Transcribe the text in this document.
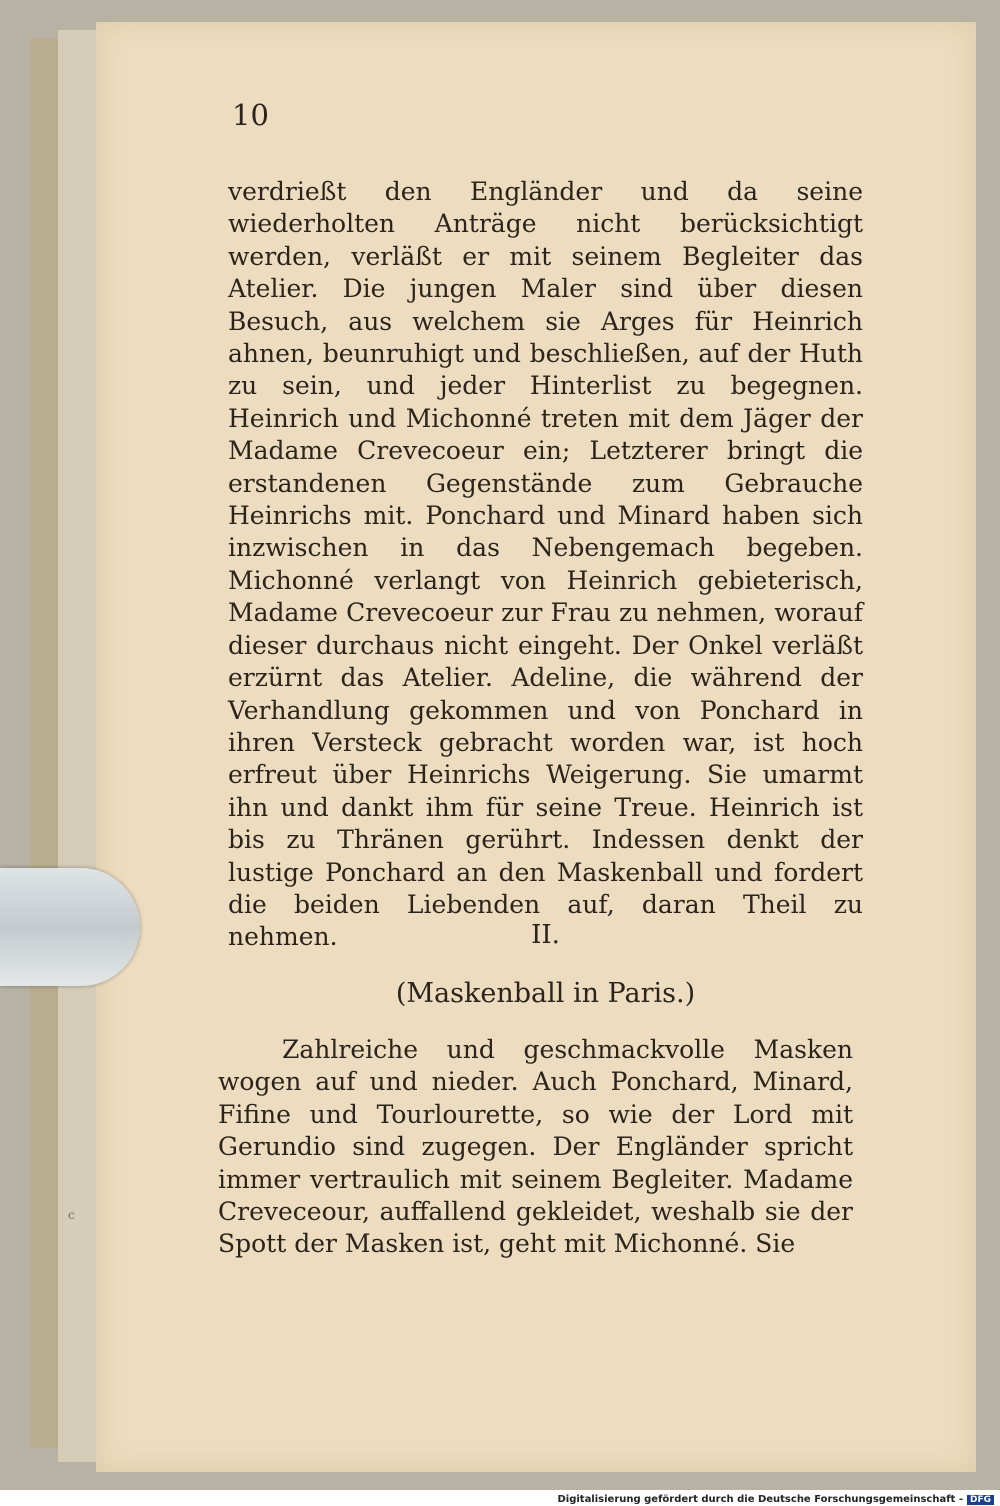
10

verdrießt den Engländer und da seine wiederholten Anträge nicht berücksichtigt werden, verläßt er mit seinem Begleiter das Atelier. Die jungen Maler sind über diesen Besuch, aus welchem sie Arges für Heinrich ahnen, beunruhigt und beschließen, auf der Huth zu sein, und jeder Hinterlist zu begegnen. Heinrich und Michonné treten mit dem Jäger der Madame Crevecoeur ein; Letzterer bringt die erstandenen Gegenstände zum Gebrauche Heinrichs mit. Ponchard und Minard haben sich inzwischen in das Nebengemach begeben. Michonné verlangt von Heinrich gebieterisch, Madame Crevecoeur zur Frau zu nehmen, worauf dieser durchaus nicht eingeht. Der Onkel verläßt erzürnt das Atelier. Adeline, die während der Verhandlung gekommen und von Ponchard in ihren Versteck gebracht worden war, ist hoch erfreut über Heinrichs Weigerung. Sie umarmt ihn und dankt ihm für seine Treue. Heinrich ist bis zu Thränen gerührt. Indessen denkt der lustige Ponchard an den Maskenball und fordert die beiden Liebenden auf, daran Theil zu nehmen.	II.
(Maskenball in Paris.)

Zahlreiche und geschmackvolle Masken wogen auf und nieder. Auch Ponchard, Minard, Fifine und Tourlourette, so wie der Lord mit Gerundio sind zugegen. Der Engländer spricht immer vertraulich mit seinem Begleiter. Madame Creveceour, auffallend gekleidet, weshalb sie der Spott der Masken ist, geht mit Michonné. Sie

c
Digitalisierung gefördert durch die Deutsche Forschungsgemeinschaft - DFG
